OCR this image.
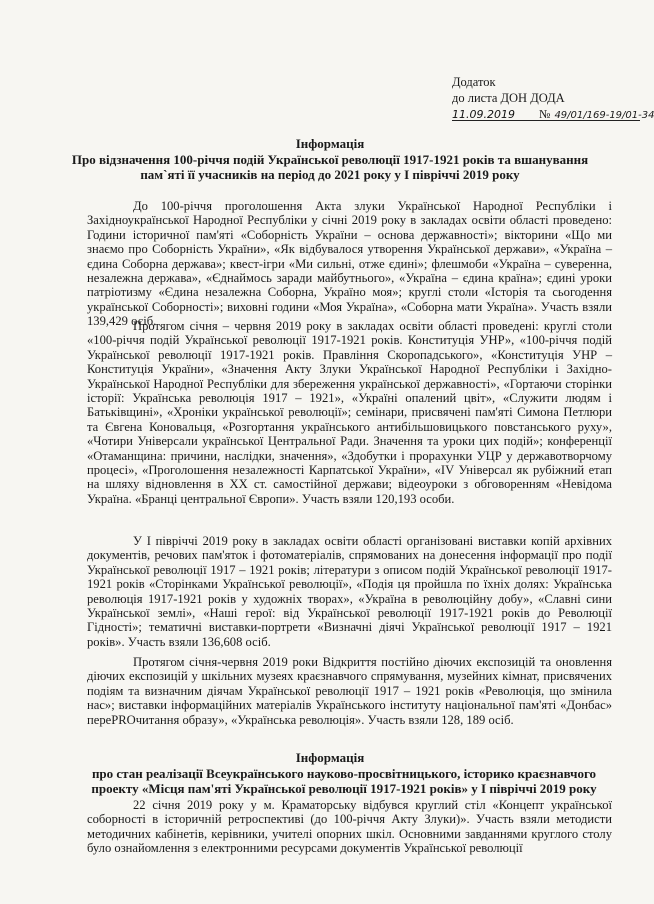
Додаток
до листа ДОН ДОДА
11.09.2019 № 49/01/169-19/01-34
Інформація
Про відзначення 100-річчя подій Української революції 1917-1921 років та вшанування пам`яті її учасників на період до 2021 року у І півріччі 2019 року

До 100-річчя проголошення Акта злуки Української Народної Республіки і Західноукраїнської Народної Республіки у січні 2019 року в закладах освіти області проведено: Години історичної пам'яті «Соборність України – основа державності»; вікторини «Що ми знаємо про Соборність України», «Як відбувалося утворення Української держави», «Україна – єдина Соборна держава»; квест-ігри «Ми сильні, отже єдині»; флешмоби «Україна – суверенна, незалежна держава», «Єднаймось заради майбутнього», «Україна – єдина країна»; єдині уроки патріотизму «Єдина незалежна Соборна, Україно моя»; круглі столи «Історія та сьогодення української Соборності»; виховні години «Моя Україна», «Соборна мати Україна». Участь взяли 139,429 осіб.

Протягом січня – червня 2019 року в закладах освіти області проведені: круглі столи «100-річчя подій Української революції 1917-1921 років. Конституція УНР», «100-річчя подій Української революції 1917-1921 років. Правління Скоропадського», «Конституція УНР – Конституція України», «Значення Акту Злуки Української Народної Республіки і Західно-Української Народної Республіки для збереження української державності», «Гортаючи сторінки історії: Українська революція 1917 – 1921», «Україні опалений цвіт», «Служити людям і Батьківщині», «Хроніки української революції»; семінари, присвячені пам'яті Симона Петлюри та Євгена Коновальця, «Розгортання українського антибільшовицького повстанського руху», «Чотири Універсали української Центральної Ради. Значення та уроки цих подій»; конференції «Отаманщина: причини, наслідки, значення», «Здобутки і прорахунки УЦР у державотворчому процесі», «Проголошення незалежності Карпатської України», «IV Універсал як рубіжний етап на шляху відновлення в ХХ ст. самостійної держави; відеоуроки з обговоренням «Невідома Україна. «Бранці центральної Європи». Участь взяли 120,193 особи.

У І півріччі 2019 року в закладах освіти області організовані виставки копій архівних документів, речових пам'яток і фотоматеріалів, спрямованих на донесення інформації про події Української революції 1917 – 1921 років; літератури з описом подій Української революції 1917-1921 років «Сторінками Української революції», «Подія ця пройшла по їхніх долях: Українська революція 1917-1921 років у художніх творах», «Україна в революційну добу», «Славні сини Української землі», «Наші герої: від Української революції 1917-1921 років до Революції Гідності»; тематичні виставки-портрети «Визначні діячі Української революції 1917 – 1921 років». Участь взяли 136,608 осіб.

Протягом січня-червня 2019 роки Відкриття постійно діючих експозицій та оновлення діючих експозицій у шкільних музеях краєзнавчого спрямування, музейних кімнат, присвячених подіям та визначним діячам Української революції 1917 – 1921 років «Революція, що змінила нас»; виставки інформаційних матеріалів Українського інституту національної пам'яті «Донбас» переPROчитання образу», «Українська революція». Участь взяли 128, 189 осіб.

Інформація
про стан реалізації Всеукраїнського науково-просвітницького, історико краєзнавчого проекту «Місця пам'яті Української революції 1917-1921 років» у І півріччі 2019 року

22 січня 2019 року у м. Краматорську відбувся круглий стіл «Концепт української соборності в історичній ретроспективі (до 100-річчя Акту Злуки)». Участь взяли методисти методичних кабінетів, керівники, учителі опорних шкіл. Основними завданнями круглого столу було ознайомлення з електронними ресурсами документів Української революції
